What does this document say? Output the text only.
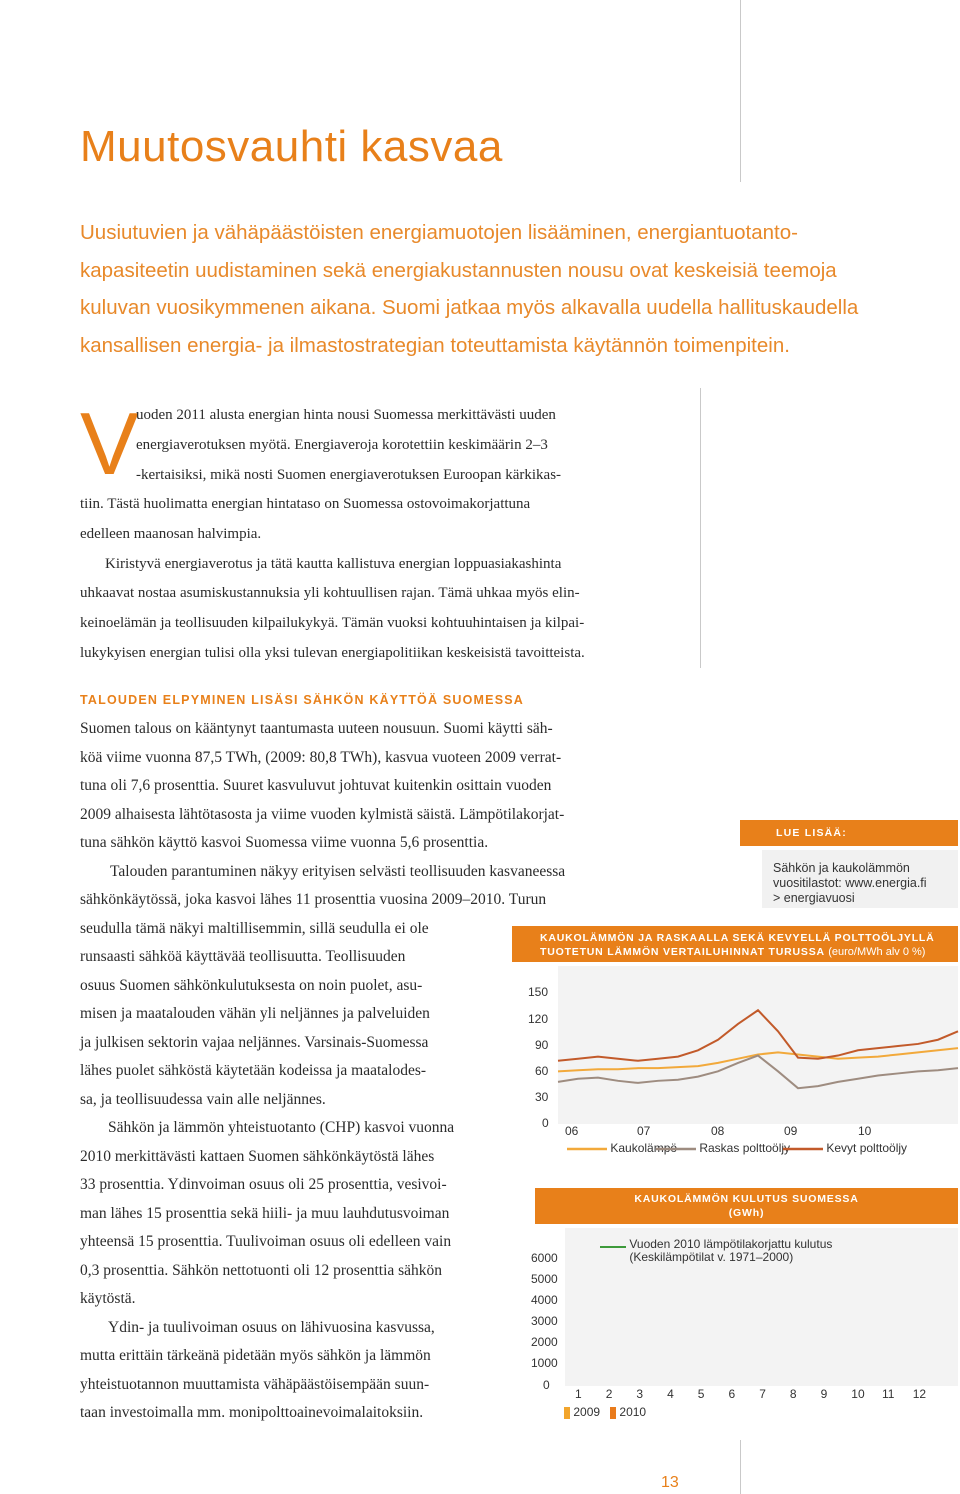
Muutosvauhti kasvaa
Uusiutuvien ja vähäpäästöisten energiamuotojen lisääminen, energiantuotanto-
kapasiteetin uudistaminen sekä energiakustannusten nousu ovat keskeisiä teemoja
kuluvan vuosikymmenen aikana. Suomi jatkaa myös alkavalla uudella hallituskaudella
kansallisen energia- ja ilmastostrategian toteuttamista käytännön toimenpitein.
V
uoden 2011 alusta energian hinta nousi Suomessa merkittävästi uuden
energiaverotuksen myötä. Energiaveroja korotettiin keskimäärin 2–3
-kertaisiksi, mikä nosti Suomen energiaverotuksen Euroopan kärkikas-
tiin. Tästä huolimatta energian hintataso on Suomessa ostovoimakorjattuna
edelleen maanosan halvimpia.
Kiristyvä energiaverotus ja tätä kautta kallistuva energian loppuasiakashinta
uhkaavat nostaa asumiskustannuksia yli kohtuullisen rajan. Tämä uhkaa myös elin-
keinoelämän ja teollisuuden kilpailukykyä. Tämän vuoksi kohtuuhintaisen ja kilpai-
lukykyisen energian tulisi olla yksi tulevan energiapolitiikan keskeisistä tavoitteista.
TALOUDEN ELPYMINEN LISÄSI SÄHKÖN KÄYTTÖÄ SUOMESSA
Suomen talous on kääntynyt taantumasta uuteen nousuun. Suomi käytti säh-
köä viime vuonna 87,5 TWh, (2009: 80,8 TWh), kasvua vuoteen 2009 verrat-
tuna oli 7,6 prosenttia. Suuret kasvuluvut johtuvat kuitenkin osittain vuoden
2009 alhaisesta lähtötasosta ja viime vuoden kylmistä säistä. Lämpötilakorjat-
tuna sähkön käyttö kasvoi Suomessa viime vuonna 5,6 prosenttia.
Talouden parantuminen näkyy erityisen selvästi teollisuuden kasvaneessa
sähkönkäytössä, joka kasvoi lähes 11 prosenttia vuosina 2009–2010. Turun
seudulla tämä näkyi maltillisemmin, sillä seudulla ei ole
runsaasti sähköä käyttävää teollisuutta. Teollisuuden
osuus Suomen sähkönkulutuksesta on noin puolet, asu-
misen ja maatalouden vähän yli neljännes ja palveluiden
ja julkisen sektorin vajaa neljännes. Varsinais-Suomessa
lähes puolet sähköstä käytetään kodeissa ja maatalodes-
sa, ja teollisuudessa vain alle neljännes.
Sähkön ja lämmön yhteistuotanto (CHP) kasvoi vuonna
2010 merkittävästi kattaen Suomen sähkönkäytöstä lähes
33 prosenttia. Ydinvoiman osuus oli 25 prosenttia, vesivoi-
man lähes 15 prosenttia sekä hiili- ja muu lauhdutusvoiman
yhteensä 15 prosenttia. Tuulivoiman osuus oli edelleen vain
0,3 prosenttia. Sähkön nettotuonti oli 12 prosenttia sähkön
käytöstä.
Ydin- ja tuulivoiman osuus on lähivuosina kasvussa,
mutta erittäin tärkeänä pidetään myös sähkön ja lämmön
yhteistuotannon muuttamista vähäpäästöisempään suun-
taan investoimalla mm. monipolttoainevoimalaitoksiin.
LUE LISÄÄ:
Sähkön ja kaukolämmön
vuositilastot: www.energia.fi
> energiavuosi
KAUKOLÄMMÖN JA RASKAALLA SEKÄ KEVYELLÄ POLTTOÖLJYLLÄ
TUOTETUN LÄMMÖN VERTAILUHINNAT TURUSSA (euro/MWh alv 0 %)
150
120
90
60
30
0
06	07	08	09	10
Kaukolämpö	Raskas polttoöljy	Kevyt polttoöljy
KAUKOLÄMMÖN KULUTUS SUOMESSA
(GWh)
6000
5000
4000
3000
2000
1000
0
1 2 3 4 5 6 7 8 9 10 11 12
Vuoden 2010 lämpötilakorjattu kulutus
(Keskilämpötilat v. 1971–2000)
2009 2010
13
